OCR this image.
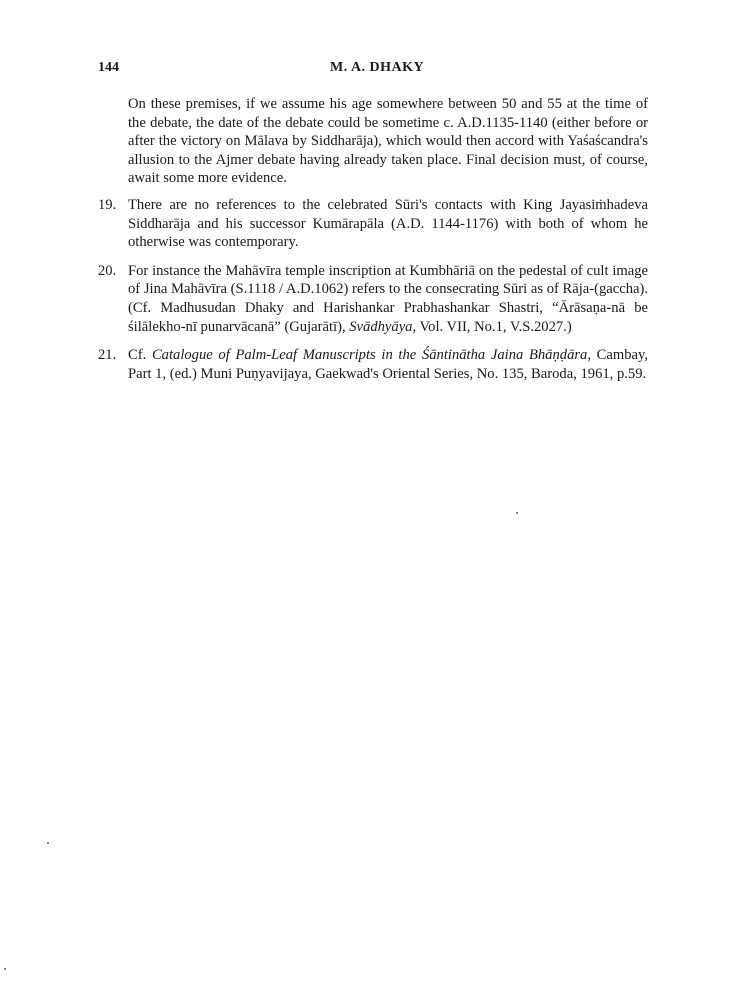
144	M. A. DHAKY

On these premises, if we assume his age somewhere between 50 and 55 at the time of the debate, the date of the debate could be sometime c. A.D.1135-1140 (either before or after the victory on Mālava by Siddharāja), which would then accord with Yaśaścandra's allusion to the Ajmer debate having already taken place. Final decision must, of course, await some more evidence.

19. There are no references to the celebrated Sūri's contacts with King Jayasiṁhadeva Siddharāja and his successor Kumārapāla (A.D. 1144-1176) with both of whom he otherwise was contemporary.
20. For instance the Mahāvīra temple inscription at Kumbhāriā on the pedestal of cult image of Jina Mahāvīra (S.1118 / A.D.1062) refers to the consecrating Sūri as of Rāja-(gaccha). (Cf. Madhusudan Dhaky and Harishankar Prabhashankar Shastri, “Ārāsaṇa-nā be śilālekho-nī punarvācanā” (Gujarātī), Svādhyāya, Vol. VII, No.1, V.S.2027.)
21. Cf. Catalogue of Palm-Leaf Manuscripts in the Śāntinātha Jaina Bhāṇḍāra, Cambay, Part 1, (ed.) Muni Puṇyavijaya, Gaekwad's Oriental Series, No. 135, Baroda, 1961, p.59.
